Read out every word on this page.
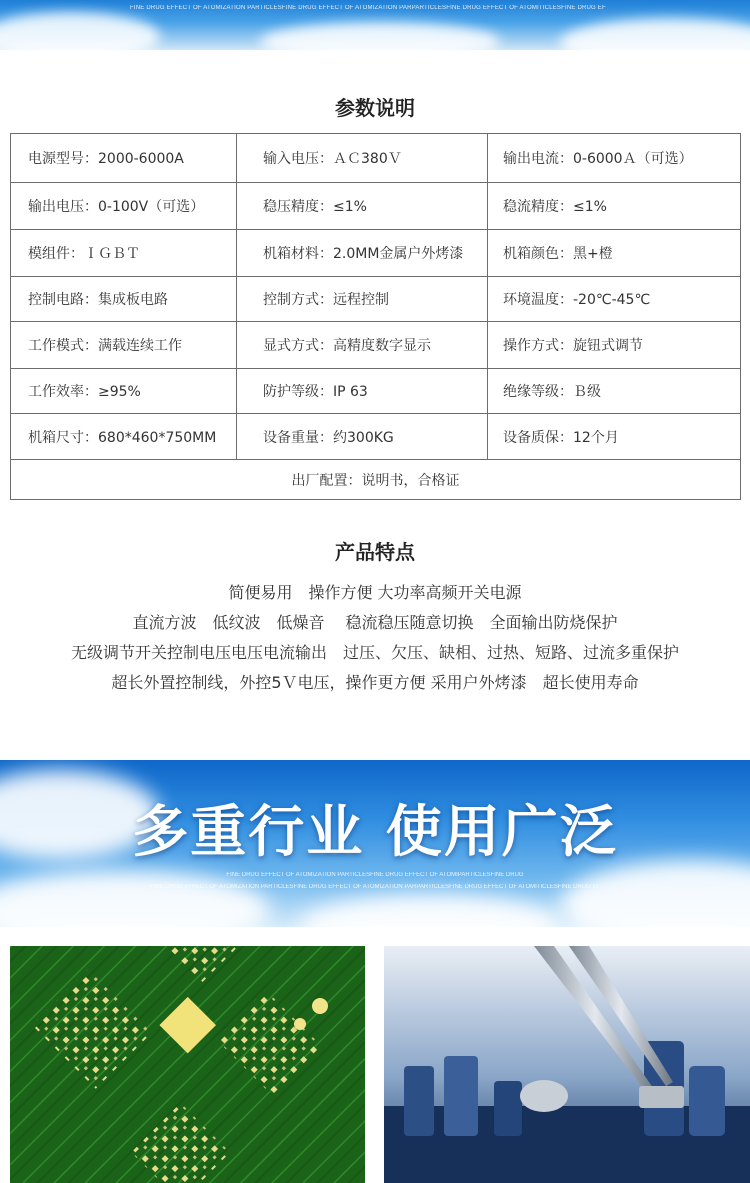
FINE DRUG EFFECT OF ATOMIZATION PARTICLESFINE DRUG EFFECT OF ATOMIZATION PARPARTICLESFINE DRUG EFFECT OF ATOMITICLESFINE DRUG EF
参数说明
电源型号：2000-6000A	输入电压：ＡＣ380Ｖ	输出电流：0-6000Ａ（可选）
输出电压：0-100V（可选）	稳压精度：≤1%	稳流精度：≤1%
模组件：ＩＧＢＴ	机箱材料：2.0MM金属户外烤漆	机箱颜色：黑+橙
控制电路：集成板电路	控制方式：远程控制	环境温度：-20℃-45℃
工作模式：满载连续工作	显式方式：高精度数字显示	操作方式：旋钮式调节
工作效率：≥95%	防护等级：IP 63	绝缘等级：Ｂ级
机箱尺寸：680*460*750MM	设备重量：约300KG	设备质保：12个月
出厂配置：说明书，合格证		
产品特点
简便易用　操作方便 大功率高频开关电源
直流方波　低纹波　低燥音　 稳流稳压随意切换　全面输出防烧保护
无级调节开关控制电压电压电流输出　过压、欠压、缺相、过热、短路、过流多重保护
超长外置控制线，外控5Ｖ电压，操作更方便 采用户外烤漆　超长使用寿命
多重行业 使用广泛
FINE DRUG EFFECT OF ATOMIZATION PARTICLESFINE DRUG EFFECT OF ATOMIPARTICLESFINE DRUG
FINE DRUG EFFECT OF ATOMIZATION PARTICLESFINE DRUG EFFECT OF ATOMIZATION PARPARTICLESFINE DRUG EFFECT OF ATOMITICLESFINE DRUG EF
